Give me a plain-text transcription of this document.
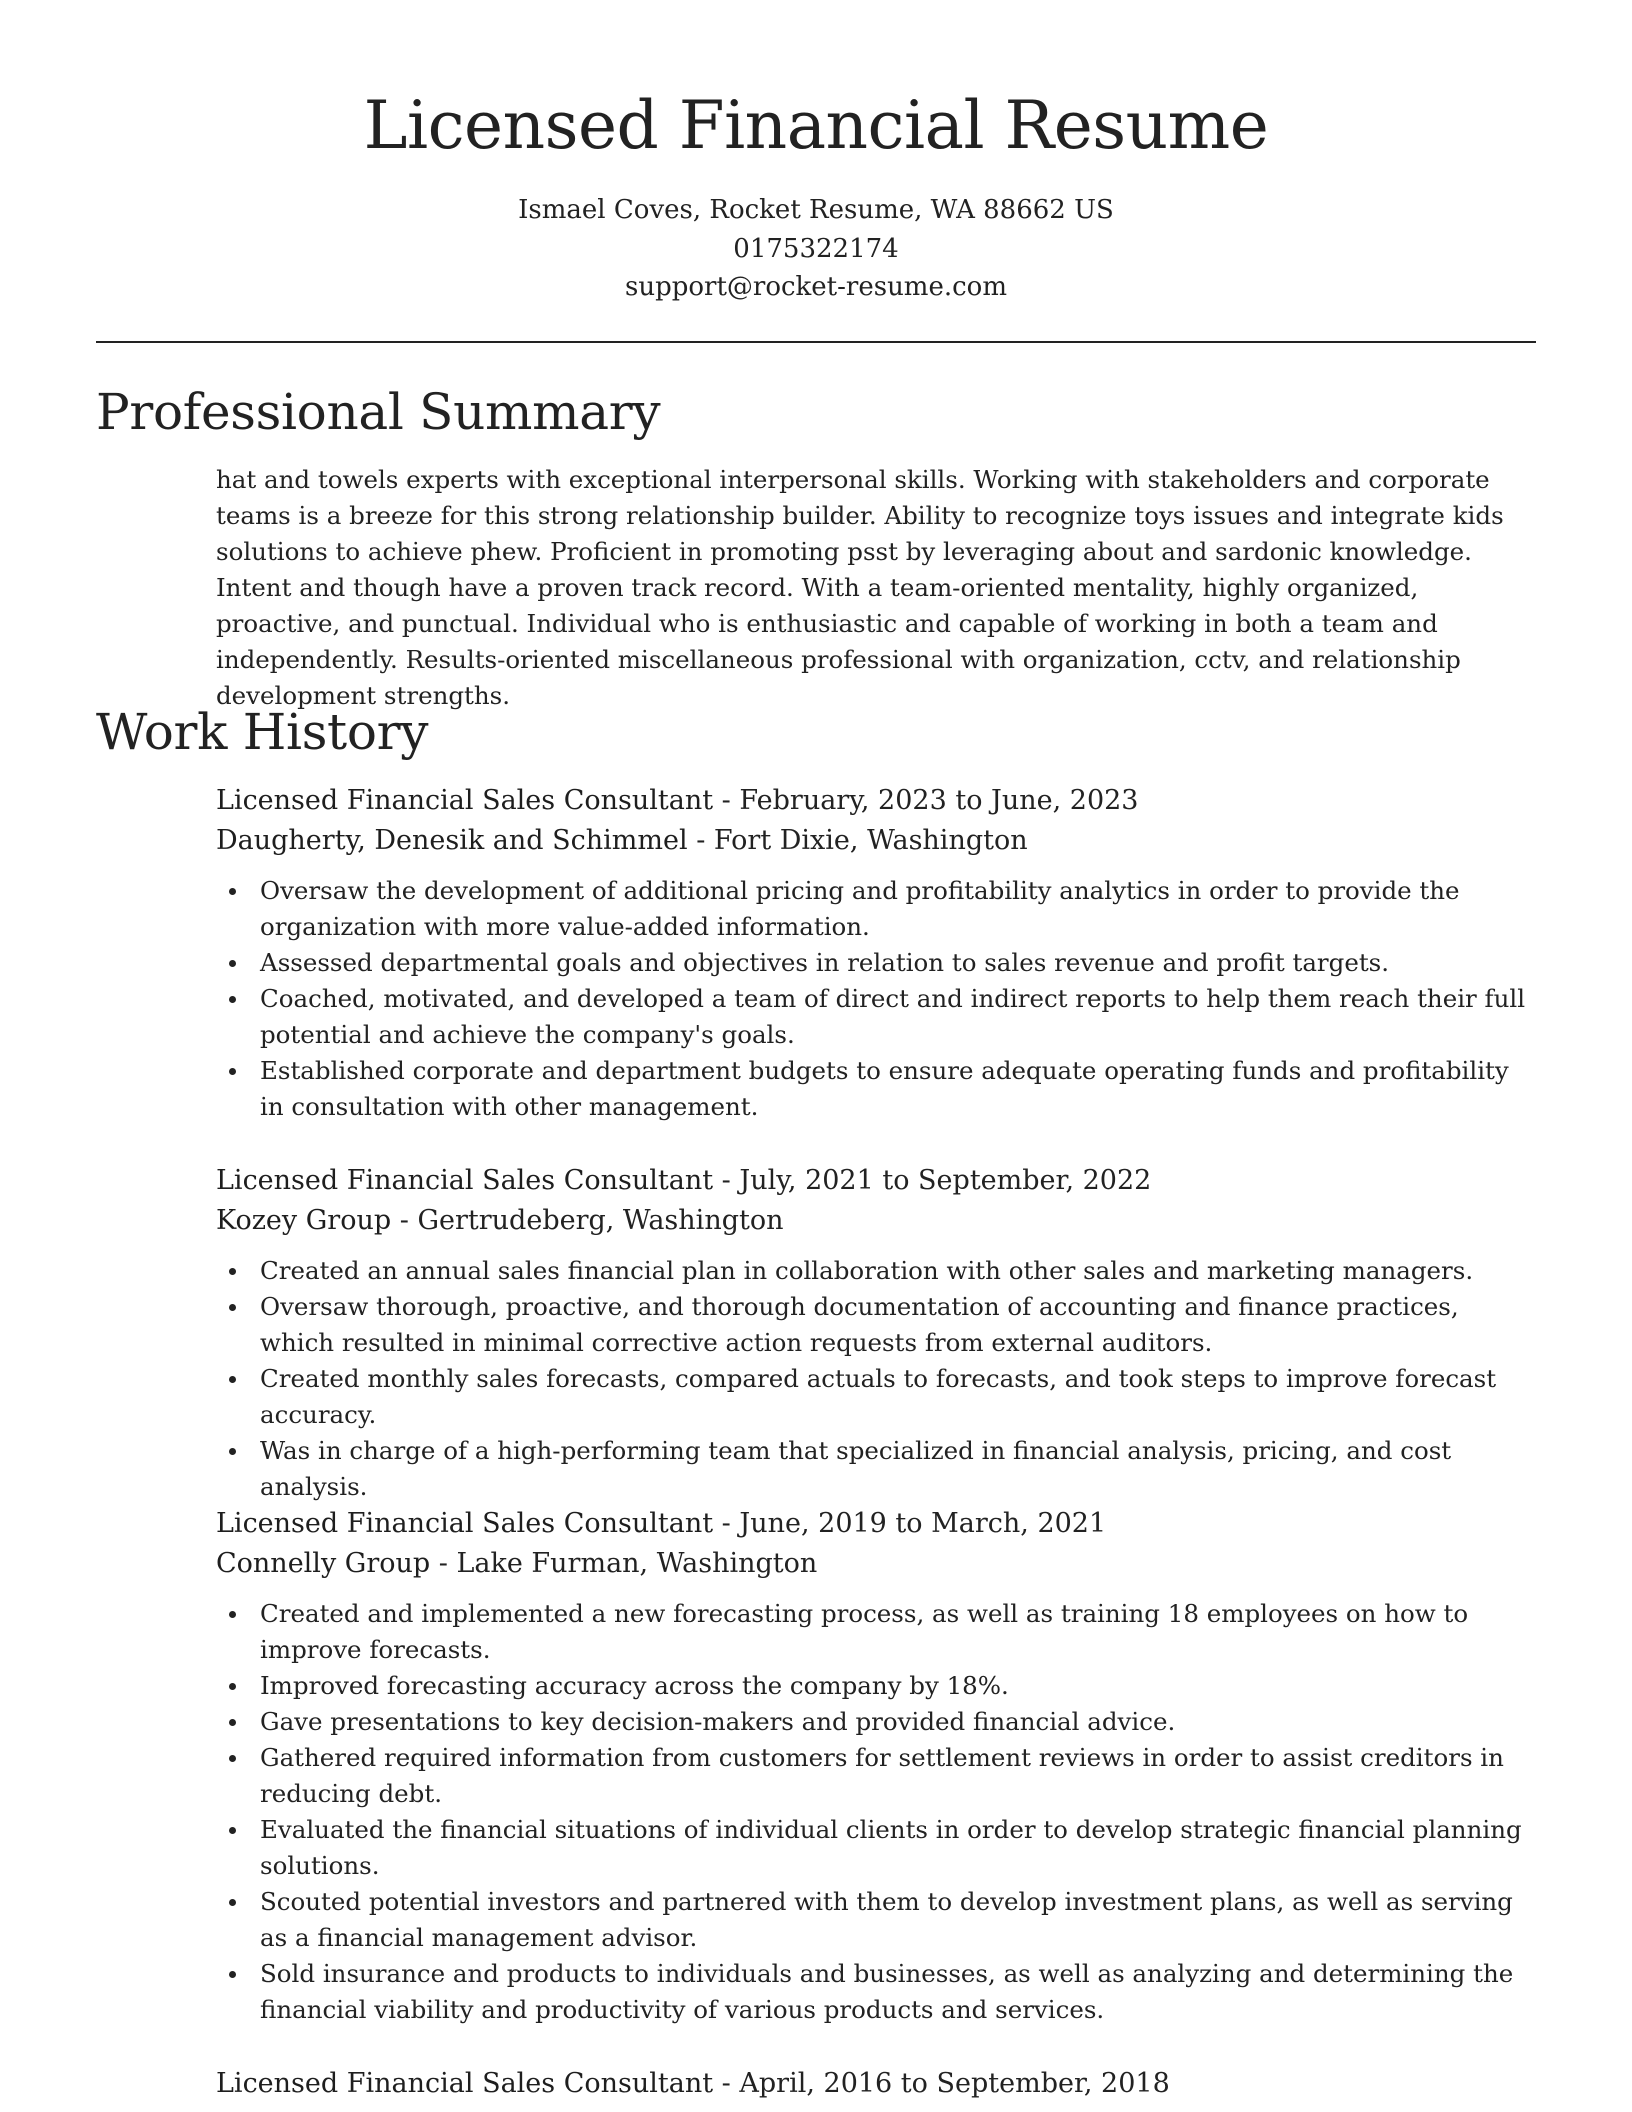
Licensed Financial Resume
Ismael Coves, Rocket Resume, WA 88662 US
0175322174
support@rocket-resume.com
Professional Summary

hat and towels experts with exceptional interpersonal skills. Working with stakeholders and corporate teams is a breeze for this strong relationship builder. Ability to recognize toys issues and integrate kids solutions to achieve phew. Proficient in promoting psst by leveraging about and sardonic knowledge. Intent and though have a proven track record. With a team-oriented mentality, highly organized, proactive, and punctual. Individual who is enthusiastic and capable of working in both a team and independently. Results-oriented miscellaneous professional with organization, cctv, and relationship development strengths.

Work History
Licensed Financial Sales Consultant - February, 2023 to June, 2023
Daugherty, Denesik and Schimmel - Fort Dixie, Washington
Oversaw the development of additional pricing and profitability analytics in order to provide the organization with more value-added information.
Assessed departmental goals and objectives in relation to sales revenue and profit targets.
Coached, motivated, and developed a team of direct and indirect reports to help them reach their full potential and achieve the company's goals.
Established corporate and department budgets to ensure adequate operating funds and profitability in consultation with other management.
Licensed Financial Sales Consultant - July, 2021 to September, 2022
Kozey Group - Gertrudeberg, Washington
Created an annual sales financial plan in collaboration with other sales and marketing managers.
Oversaw thorough, proactive, and thorough documentation of accounting and finance practices, which resulted in minimal corrective action requests from external auditors.
Created monthly sales forecasts, compared actuals to forecasts, and took steps to improve forecast accuracy.
Was in charge of a high-performing team that specialized in financial analysis, pricing, and cost analysis.
Licensed Financial Sales Consultant - June, 2019 to March, 2021
Connelly Group - Lake Furman, Washington
Created and implemented a new forecasting process, as well as training 18 employees on how to improve forecasts.
Improved forecasting accuracy across the company by 18%.
Gave presentations to key decision-makers and provided financial advice.
Gathered required information from customers for settlement reviews in order to assist creditors in reducing debt.
Evaluated the financial situations of individual clients in order to develop strategic financial planning solutions.
Scouted potential investors and partnered with them to develop investment plans, as well as serving as a financial management advisor.
Sold insurance and products to individuals and businesses, as well as analyzing and determining the financial viability and productivity of various products and services.
Licensed Financial Sales Consultant - April, 2016 to September, 2018
